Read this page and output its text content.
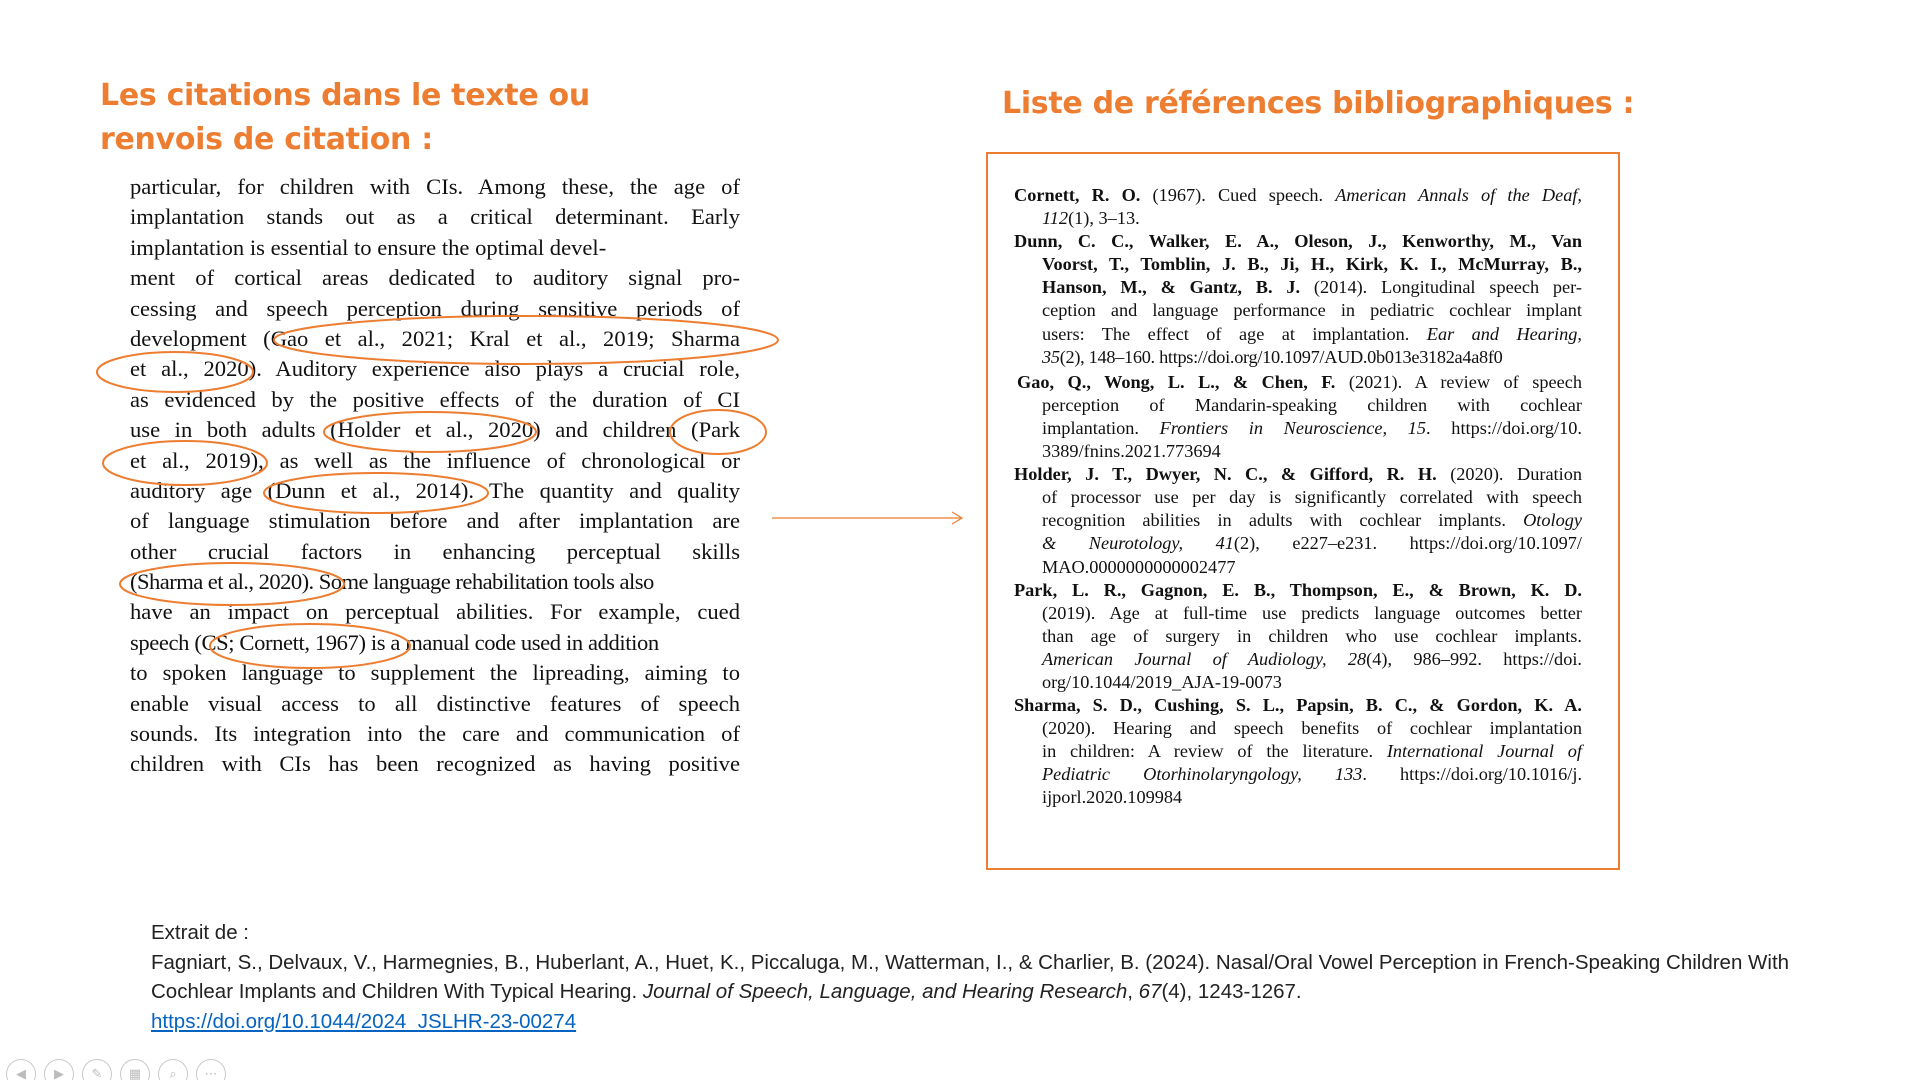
Les citations dans le texte ou renvois de citation :
Liste de références bibliographiques :
particular, for children with CIs. Among these, the age of
implantation stands out as a critical determinant. Early
implantation is essential to ensure the optimal devel-
ment of cortical areas dedicated to auditory signal pro-
cessing and speech perception during sensitive periods of
development (Gao et al., 2021; Kral et al., 2019; Sharma
et al., 2020). Auditory experience also plays a crucial role,
as evidenced by the positive effects of the duration of CI
use in both adults (Holder et al., 2020) and children (Park
et al., 2019), as well as the influence of chronological or
auditory age (Dunn et al., 2014). The quantity and quality
of language stimulation before and after implantation are
other crucial factors in enhancing perceptual skills
(Sharma et al., 2020). Some language rehabilitation tools also
have an impact on perceptual abilities. For example, cued
speech (CS; Cornett, 1967) is a manual code used in addition
to spoken language to supplement the lipreading, aiming to
enable visual access to all distinctive features of speech
sounds. Its integration into the care and communication of
children with CIs has been recognized as having positive
Cornett, R. O. (1967). Cued speech. American Annals of the Deaf,
112(1), 3–13.
Dunn, C. C., Walker, E. A., Oleson, J., Kenworthy, M., Van
Voorst, T., Tomblin, J. B., Ji, H., Kirk, K. I., McMurray, B.,
Hanson, M., & Gantz, B. J. (2014). Longitudinal speech per-
ception and language performance in pediatric cochlear implant
users: The effect of age at implantation. Ear and Hearing,
35(2), 148–160. https://doi.org/10.1097/AUD.0b013e3182a4a8f0
Gao, Q., Wong, L. L., & Chen, F. (2021). A review of speech
perception of Mandarin-speaking children with cochlear
implantation. Frontiers in Neuroscience, 15. https://doi.org/10.
3389/fnins.2021.773694
Holder, J. T., Dwyer, N. C., & Gifford, R. H. (2020). Duration
of processor use per day is significantly correlated with speech
recognition abilities in adults with cochlear implants. Otology
& Neurotology, 41(2), e227–e231. https://doi.org/10.1097/
MAO.0000000000002477
Park, L. R., Gagnon, E. B., Thompson, E., & Brown, K. D.
(2019). Age at full-time use predicts language outcomes better
than age of surgery in children who use cochlear implants.
American Journal of Audiology, 28(4), 986–992. https://doi.
org/10.1044/2019_AJA-19-0073
Sharma, S. D., Cushing, S. L., Papsin, B. C., & Gordon, K. A.
(2020). Hearing and speech benefits of cochlear implantation
in children: A review of the literature. International Journal of
Pediatric Otorhinolaryngology, 133. https://doi.org/10.1016/j.
ijporl.2020.109984
Extrait de :
Fagniart, S., Delvaux, V., Harmegnies, B., Huberlant, A., Huet, K., Piccaluga, M., Watterman, I., & Charlier, B. (2024). Nasal/Oral Vowel Perception in French-Speaking Children With Cochlear Implants and Children With Typical Hearing. Journal of Speech, Language, and Hearing Research, 67(4), 1243-1267.
https://doi.org/10.1044/2024_JSLHR-23-00274
◀	▶	✎	▦	⌕	⋯
